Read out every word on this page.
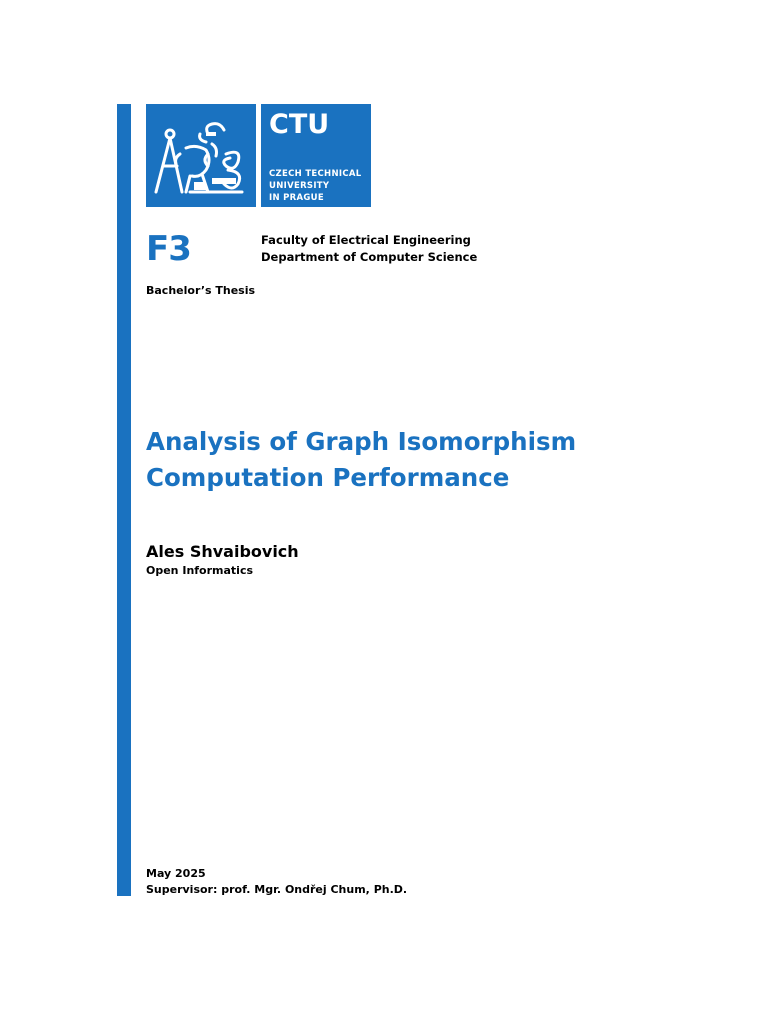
CTU
CZECH TECHNICAL
UNIVERSITY
IN PRAGUE
F3	Faculty of Electrical Engineering
Department of Computer Science
Bachelor’s Thesis
Analysis of Graph Isomorphism
Computation Performance
Ales Shvaibovich
Open Informatics
May 2025
Supervisor: prof. Mgr. Ondřej Chum, Ph.D.
